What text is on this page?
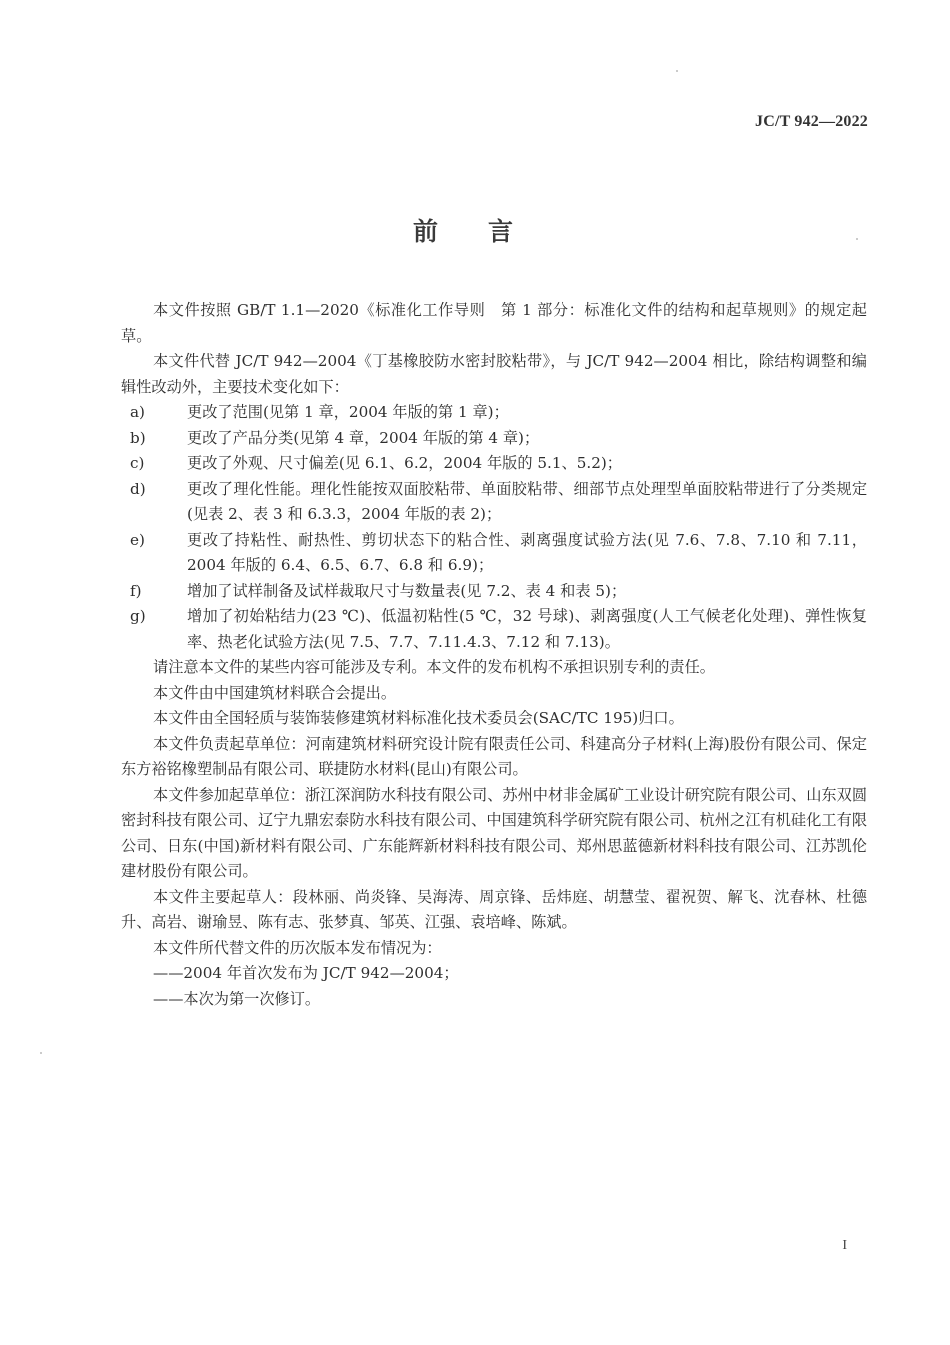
JC/T 942—2022
前言

本文件按照 GB/T 1.1—2020《标准化工作导则　第 1 部分：标准化文件的结构和起草规则》的规定起草。

本文件代替 JC/T 942—2004《丁基橡胶防水密封胶粘带》，与 JC/T 942—2004 相比，除结构调整和编辑性改动外，主要技术变化如下：

a)	更改了范围(见第 1 章，2004 年版的第 1 章)；
b)	更改了产品分类(见第 4 章，2004 年版的第 4 章)；
c)	更改了外观、尺寸偏差(见 6.1、6.2，2004 年版的 5.1、5.2)；
d)	更改了理化性能。理化性能按双面胶粘带、单面胶粘带、细部节点处理型单面胶粘带进行了分类规定(见表 2、表 3 和 6.3.3，2004 年版的表 2)；
e)	更改了持粘性、耐热性、剪切状态下的粘合性、剥离强度试验方法(见 7.6、7.8、7.10 和 7.11，2004 年版的 6.4、6.5、6.7、6.8 和 6.9)；
f)	增加了试样制备及试样裁取尺寸与数量表(见 7.2、表 4 和表 5)；
g)	增加了初始粘结力(23 ℃)、低温初粘性(5 ℃，32 号球)、剥离强度(人工气候老化处理)、弹性恢复率、热老化试验方法(见 7.5、7.7、7.11.4.3、7.12 和 7.13)。

请注意本文件的某些内容可能涉及专利。本文件的发布机构不承担识别专利的责任。

本文件由中国建筑材料联合会提出。

本文件由全国轻质与装饰装修建筑材料标准化技术委员会(SAC/TC 195)归口。

本文件负责起草单位：河南建筑材料研究设计院有限责任公司、科建高分子材料(上海)股份有限公司、保定东方裕铭橡塑制品有限公司、联捷防水材料(昆山)有限公司。

本文件参加起草单位：浙江深润防水科技有限公司、苏州中材非金属矿工业设计研究院有限公司、山东双圆密封科技有限公司、辽宁九鼎宏泰防水科技有限公司、中国建筑科学研究院有限公司、杭州之江有机硅化工有限公司、日东(中国)新材料有限公司、广东能辉新材料科技有限公司、郑州思蓝德新材料科技有限公司、江苏凯伦建材股份有限公司。

本文件主要起草人：段林丽、尚炎锋、吴海涛、周京锋、岳炜庭、胡慧莹、翟祝贺、解飞、沈春林、杜德升、高岩、谢瑜昱、陈有志、张梦真、邹英、江强、袁培峰、陈斌。

本文件所代替文件的历次版本发布情况为：

——2004 年首次发布为 JC/T 942—2004；

——本次为第一次修订。

I
